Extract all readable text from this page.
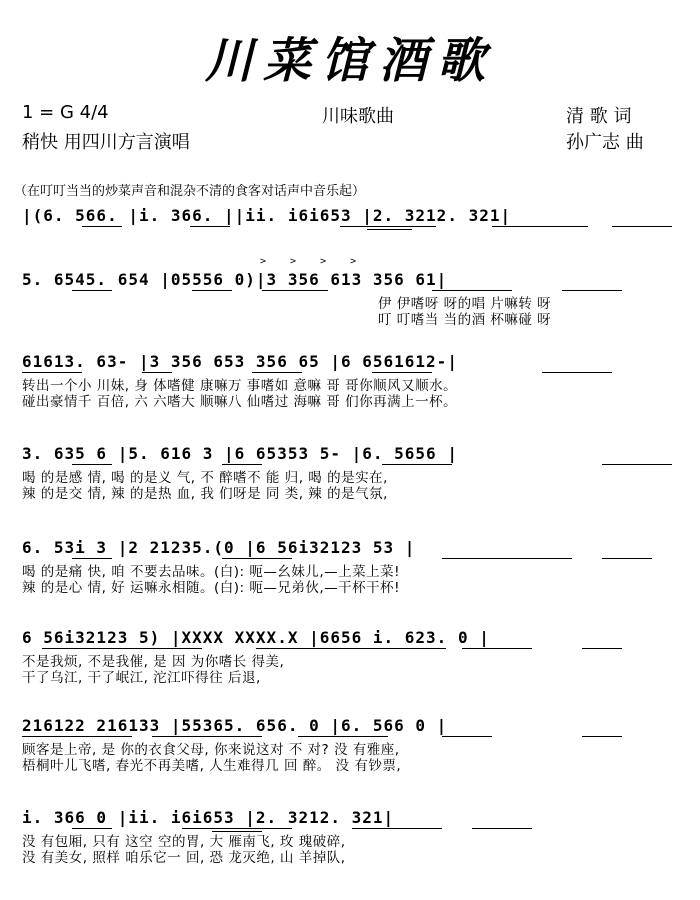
川菜馆酒歌
1 = G 4/4	川味歌曲	清 歌 词
稍快 用四川方言演唱	孙广志 曲
（在叮叮当当的炒菜声音和混杂不清的食客对话声中音乐起）
|(6. 566. |i. 366. ||ii. i6i653 |2. 3212. 321|
> > > >
5. 6545. 654 |05556 0)|3 356 613 356 61|
伊 伊嗜呀 呀的唱 片嘛转 呀
叮 叮嗜当 当的酒 杯嘛碰 呀
61613. 63- |3 356 653 356 65 |6 6561612-|
转出一个小 川妹, 身 体嗜健 康嘛万 事嗜如 意嘛 哥 哥你顺风又顺水。
碰出豪情千 百倍, 六 六嗜大 顺嘛八 仙嗜过 海嘛 哥 们你再满上一杯。
3. 635 6 |5. 616 3 |6 65353 5- |6. 5656 |
喝 的是感 情, 喝 的是义 气, 不 醉嗜不 能 归, 喝 的是实在,
辣 的是交 情, 辣 的是热 血, 我 们呀是 同 类, 辣 的是气氛,
6. 53i 3 |2 21235.(0 |6 56i32123 53 |
喝 的是痛 快, 咱 不要去品味。(白): 呃—幺妹儿,—上菜上菜!
辣 的是心 情, 好 运嘛永相随。(白): 呃—兄弟伙,—干杯干杯!
6 56i32123 5) |XXXX XXXX.X |6656 i. 623. 0 |
不是我烦, 不是我催, 是 因 为你嗜长 得美,
干了乌江, 干了岷江, 沱江吓得往 后退,
216122 216133 |55365. 656. 0 |6. 566 0 |
顾客是上帝, 是 你的衣食父母, 你来说这对 不 对? 没 有雅座,
梧桐叶儿飞嗜, 春光不再美嗜, 人生难得几 回 醉。 没 有钞票,
i. 366 0 |ii. i6i653 |2. 3212. 321|
没 有包厢, 只有 这空 空的胃, 大 雁南飞, 玫 瑰破碎,
没 有美女, 照样 咱乐它一 回, 恐 龙灭绝, 山 羊掉队,
